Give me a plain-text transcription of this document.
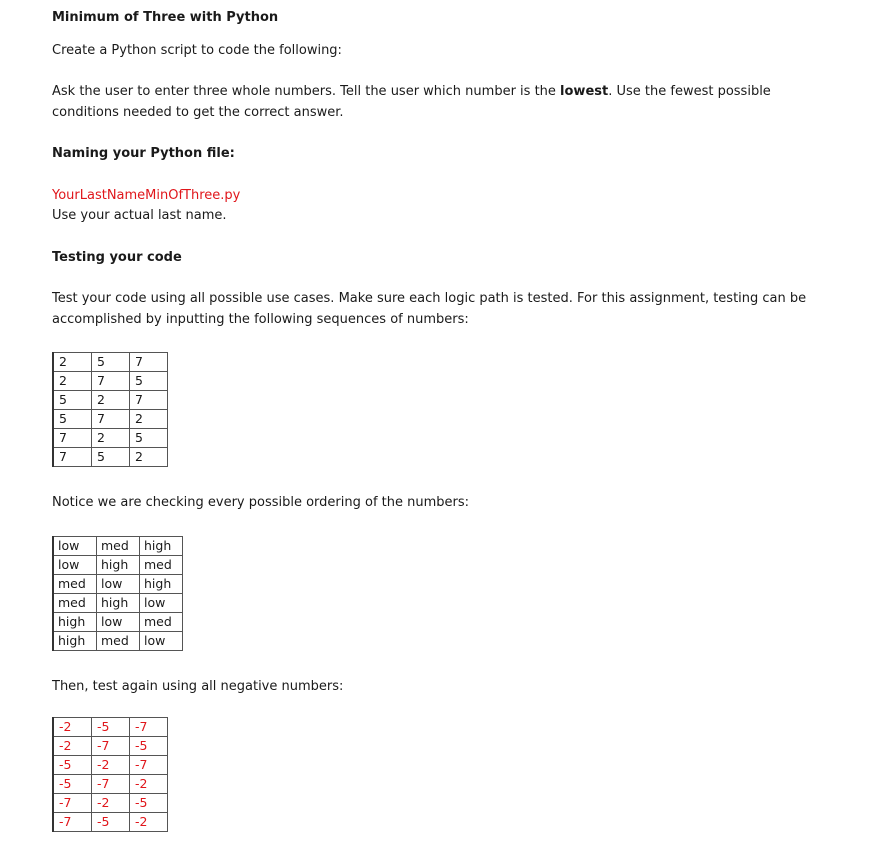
Minimum of Three with Python
Create a Python script to code the following:
Ask the user to enter three whole numbers. Tell the user which number is the lowest. Use the fewest possible
conditions needed to get the correct answer.
Naming your Python file:
YourLastNameMinOfThree.py
Use your actual last name.
Testing your code
Test your code using all possible use cases. Make sure each logic path is tested. For this assignment, testing can be
accomplished by inputting the following sequences of numbers:
2	5	7
2	7	5
5	2	7
5	7	2
7	2	5
7	5	2
Notice we are checking every possible ordering of the numbers:
low	med	high
low	high	med
med	low	high
med	high	low
high	low	med
high	med	low
Then, test again using all negative numbers:
-2	-5	-7
-2	-7	-5
-5	-2	-7
-5	-7	-2
-7	-2	-5
-7	-5	-2
